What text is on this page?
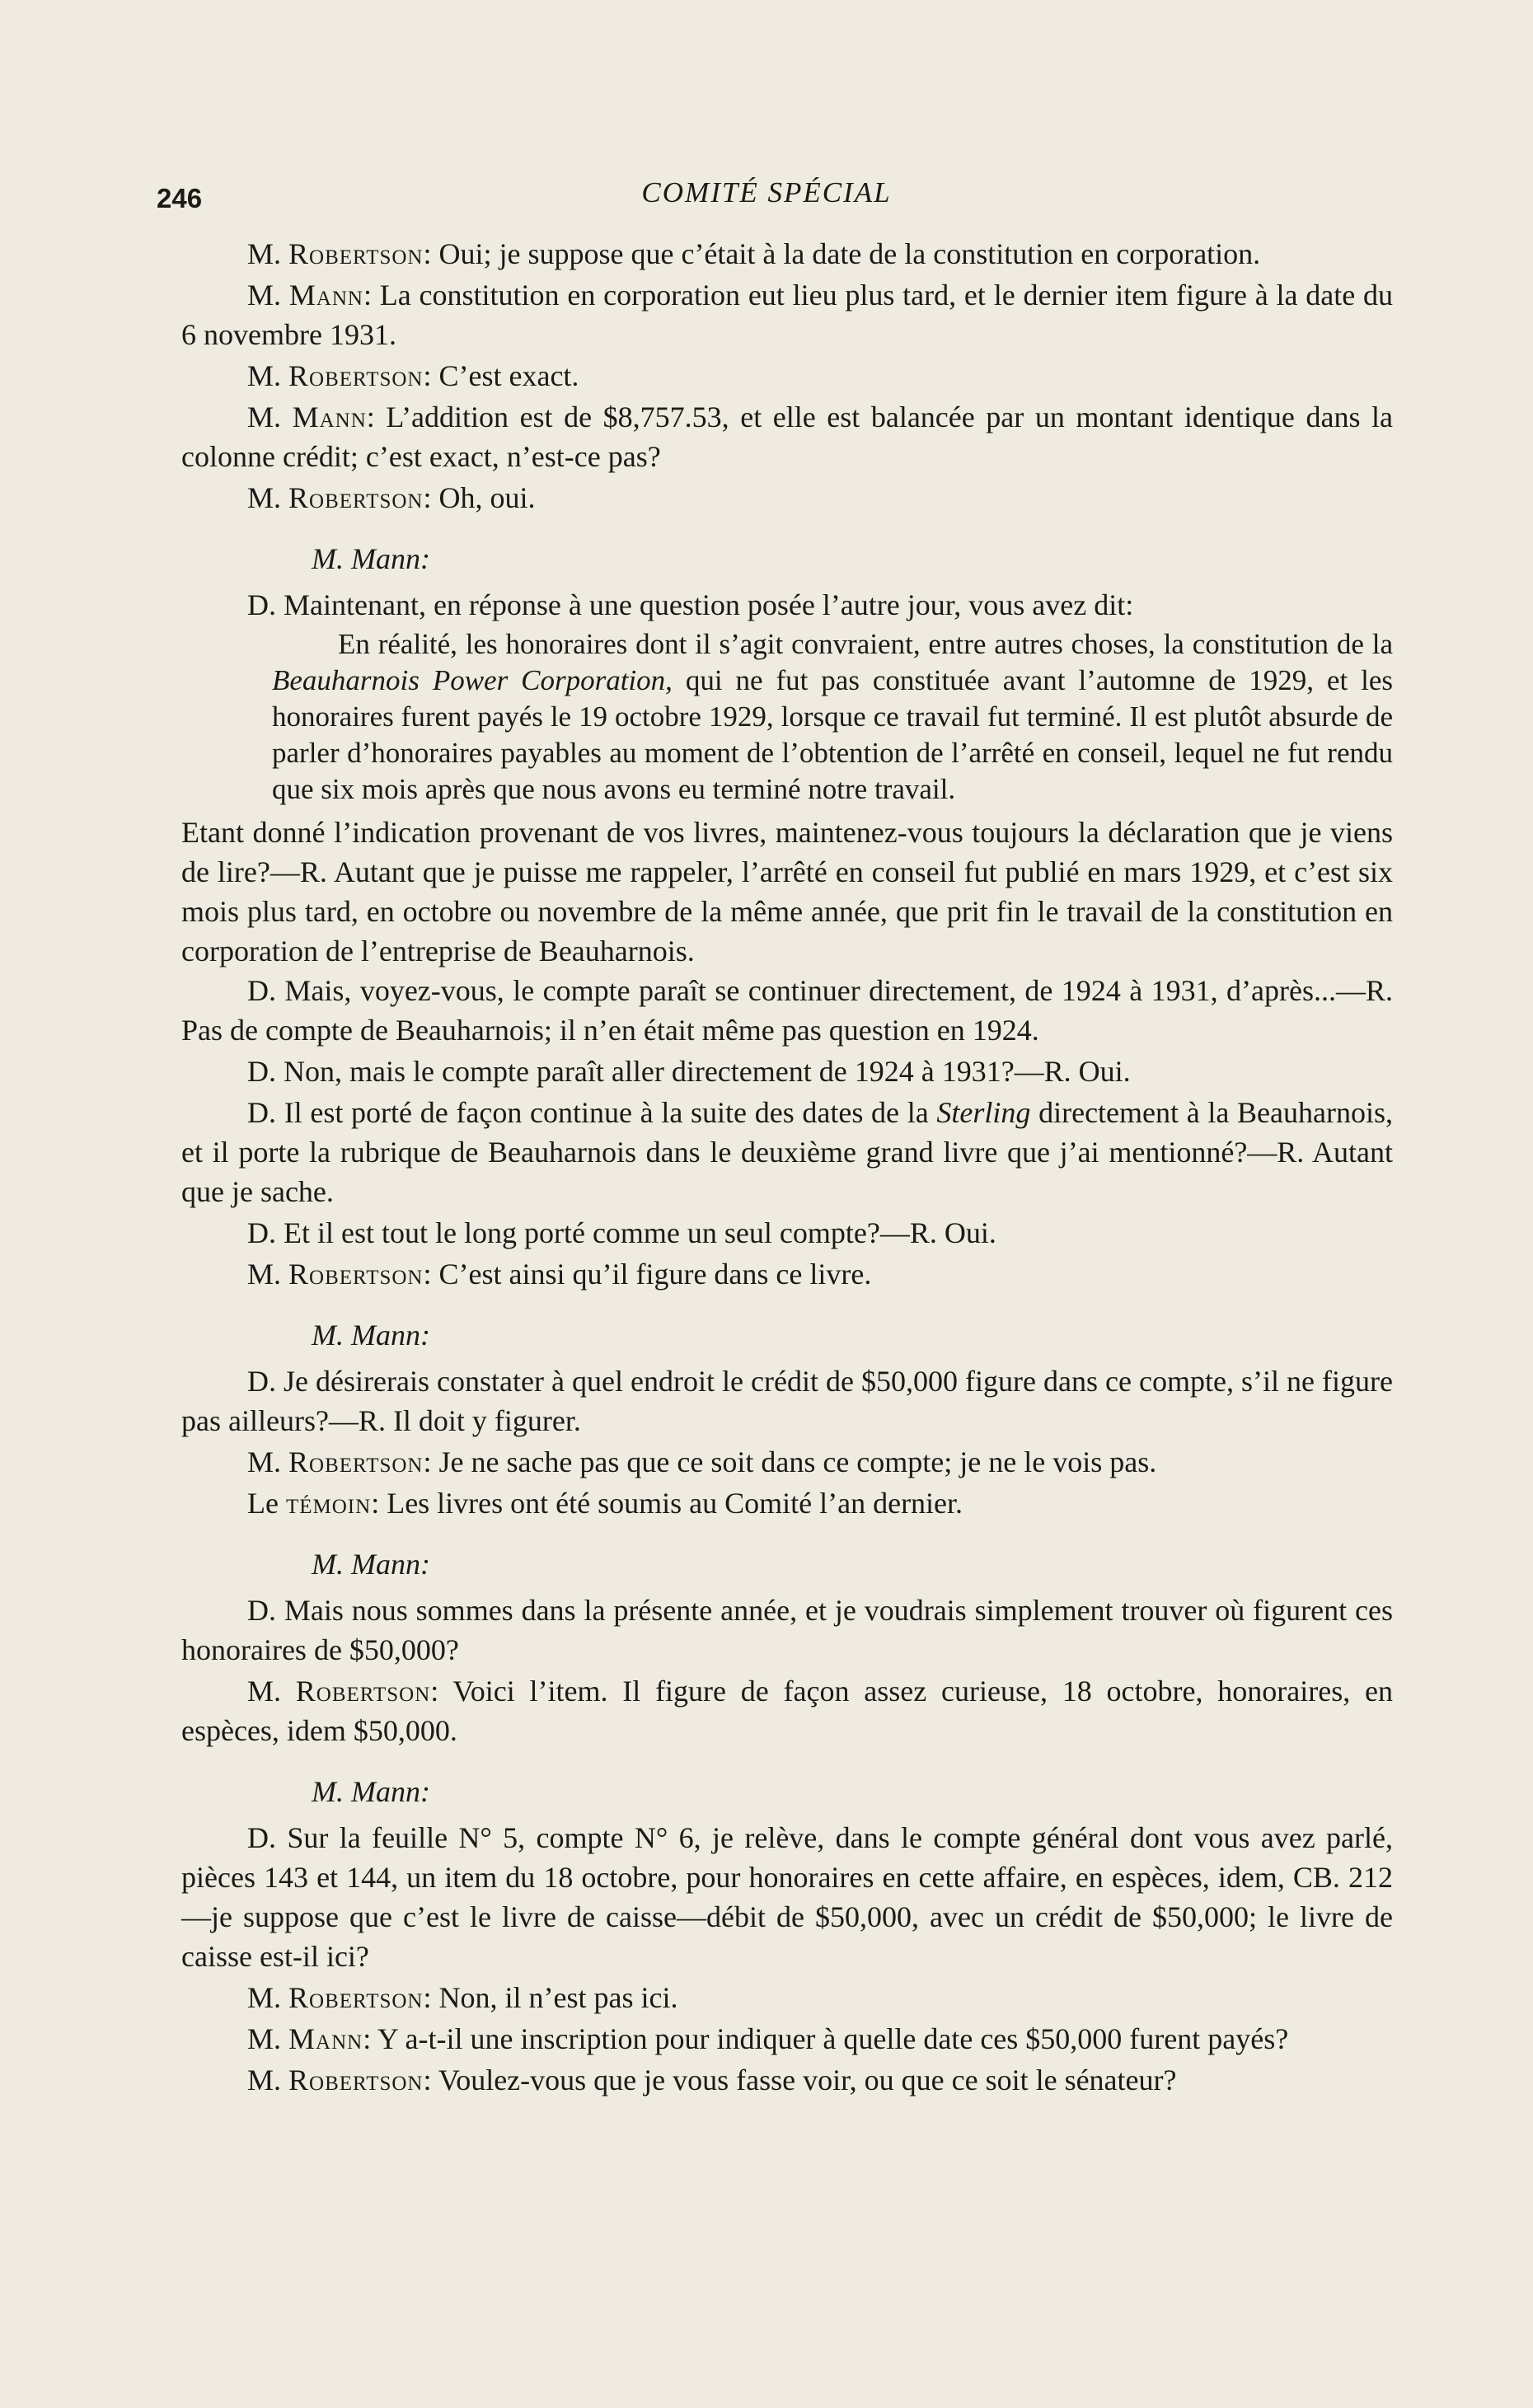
246	COMITÉ SPÉCIAL

M. Robertson: Oui; je suppose que c’était à la date de la constitution en corporation.

M. Mann: La constitution en corporation eut lieu plus tard, et le dernier item figure à la date du 6 novembre 1931.

M. Robertson: C’est exact.

M. Mann: L’addition est de $8,757.53, et elle est balancée par un montant identique dans la colonne crédit; c’est exact, n’est-ce pas?

M. Robertson: Oh, oui.

M. Mann:

D. Maintenant, en réponse à une question posée l’autre jour, vous avez dit:

En réalité, les honoraires dont il s’agit convraient, entre autres choses, la constitution de la Beauharnois Power Corporation, qui ne fut pas constituée avant l’automne de 1929, et les honoraires furent payés le 19 octobre 1929, lorsque ce travail fut terminé. Il est plutôt absurde de parler d’honoraires payables au moment de l’obtention de l’arrêté en conseil, lequel ne fut rendu que six mois après que nous avons eu terminé notre travail.

Etant donné l’indication provenant de vos livres, maintenez-vous toujours la déclaration que je viens de lire?—R. Autant que je puisse me rappeler, l’arrêté en conseil fut publié en mars 1929, et c’est six mois plus tard, en octobre ou novembre de la même année, que prit fin le travail de la constitution en corporation de l’entreprise de Beauharnois.

D. Mais, voyez-vous, le compte paraît se continuer directement, de 1924 à 1931, d’après...—R. Pas de compte de Beauharnois; il n’en était même pas question en 1924.

D. Non, mais le compte paraît aller directement de 1924 à 1931?—R. Oui.

D. Il est porté de façon continue à la suite des dates de la Sterling directement à la Beauharnois, et il porte la rubrique de Beauharnois dans le deuxième grand livre que j’ai mentionné?—R. Autant que je sache.

D. Et il est tout le long porté comme un seul compte?—R. Oui.

M. Robertson: C’est ainsi qu’il figure dans ce livre.

M. Mann:

D. Je désirerais constater à quel endroit le crédit de $50,000 figure dans ce compte, s’il ne figure pas ailleurs?—R. Il doit y figurer.

M. Robertson: Je ne sache pas que ce soit dans ce compte; je ne le vois pas.

Le témoin: Les livres ont été soumis au Comité l’an dernier.

M. Mann:

D. Mais nous sommes dans la présente année, et je voudrais simplement trouver où figurent ces honoraires de $50,000?

M. Robertson: Voici l’item. Il figure de façon assez curieuse, 18 octobre, honoraires, en espèces, idem $50,000.

M. Mann:

D. Sur la feuille N° 5, compte N° 6, je relève, dans le compte général dont vous avez parlé, pièces 143 et 144, un item du 18 octobre, pour honoraires en cette affaire, en espèces, idem, CB. 212—je suppose que c’est le livre de caisse—débit de $50,000, avec un crédit de $50,000; le livre de caisse est-il ici?

M. Robertson: Non, il n’est pas ici.

M. Mann: Y a-t-il une inscription pour indiquer à quelle date ces $50,000 furent payés?

M. Robertson: Voulez-vous que je vous fasse voir, ou que ce soit le sénateur?
